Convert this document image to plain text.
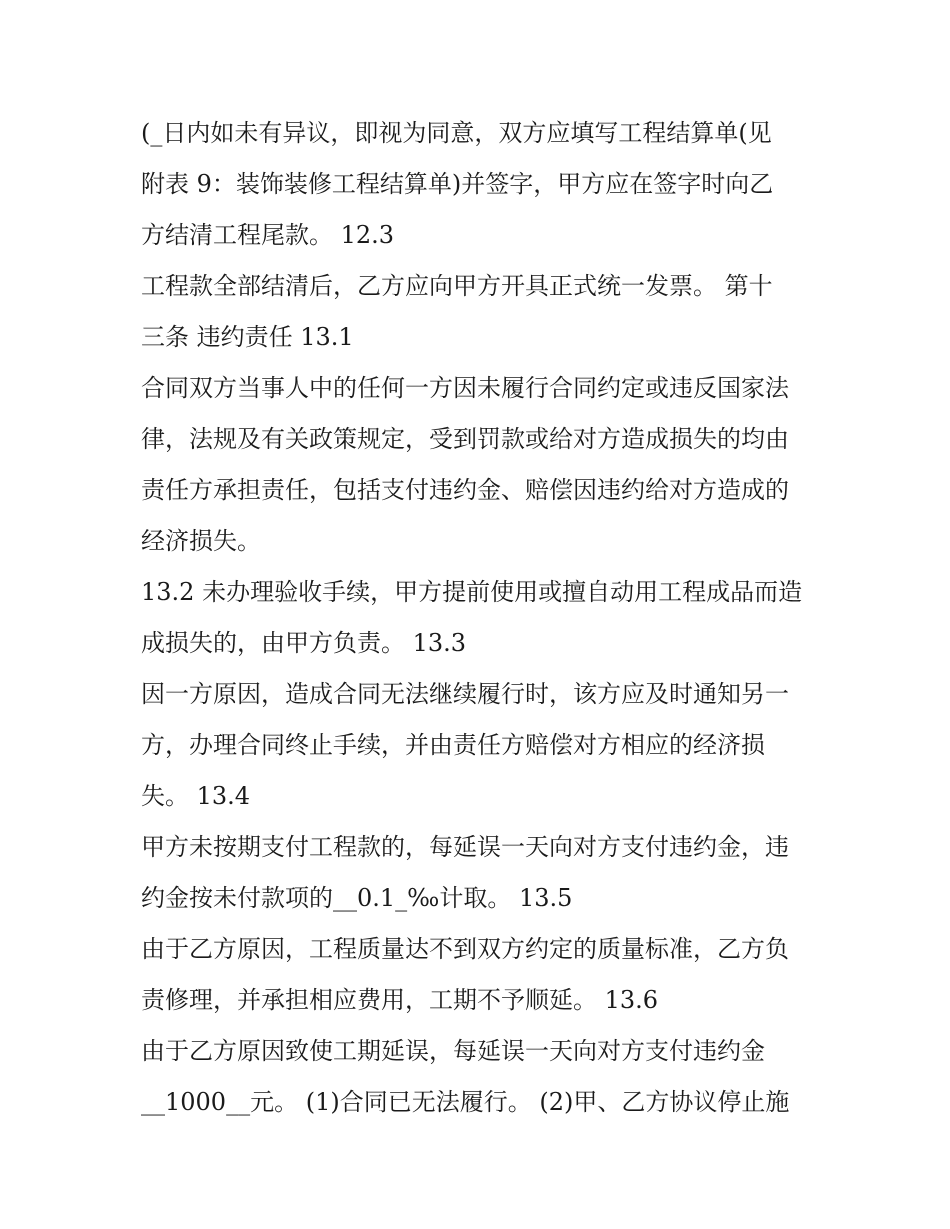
(_日内如未有异议，即视为同意，双方应填写工程结算单(见
附表 9：装饰装修工程结算单)并签字，甲方应在签字时向乙
方结清工程尾款。 12.3
工程款全部结清后，乙方应向甲方开具正式统一发票。 第十
三条 违约责任 13.1
合同双方当事人中的任何一方因未履行合同约定或违反国家法
律，法规及有关政策规定，受到罚款或给对方造成损失的均由
责任方承担责任，包括支付违约金、赔偿因违约给对方造成的
经济损失。
13.2 未办理验收手续，甲方提前使用或擅自动用工程成品而造
成损失的，由甲方负责。 13.3
因一方原因，造成合同无法继续履行时，该方应及时通知另一
方，办理合同终止手续，并由责任方赔偿对方相应的经济损
失。 13.4
甲方未按期支付工程款的，每延误一天向对方支付违约金，违
约金按未付款项的__0.1_‰计取。 13.5
由于乙方原因，工程质量达不到双方约定的质量标准，乙方负
责修理，并承担相应费用，工期不予顺延。 13.6
由于乙方原因致使工期延误，每延误一天向对方支付违约金
__1000__元。 (1)合同已无法履行。 (2)甲、乙方协议停止施
